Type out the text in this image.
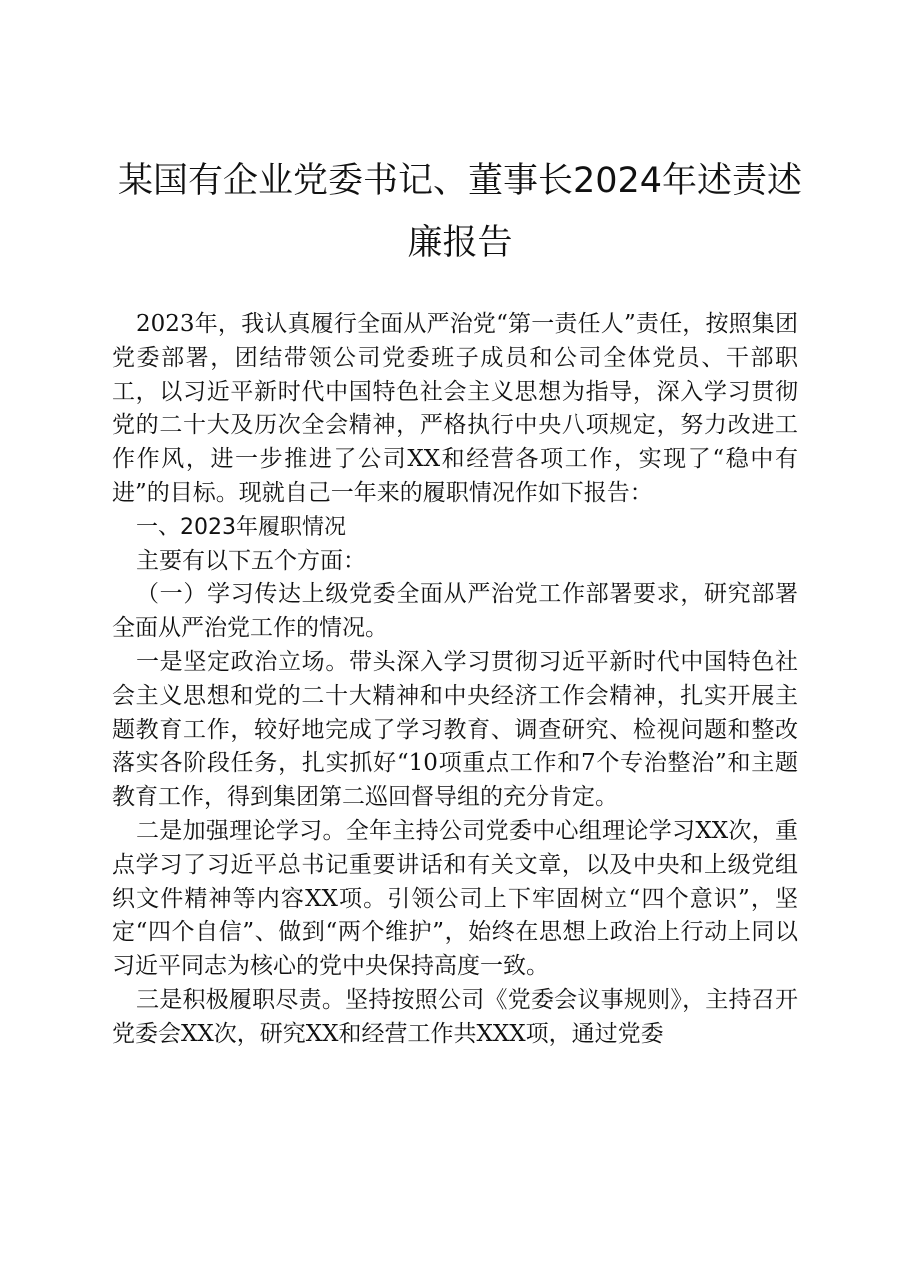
某国有企业党委书记、董事长2024年述责述廉报告

2023年，我认真履行全面从严治党“第一责任人”责任，按照集团党委部署，团结带领公司党委班子成员和公司全体党员、干部职工，以习近平新时代中国特色社会主义思想为指导，深入学习贯彻党的二十大及历次全会精神，严格执行中央八项规定，努力改进工作作风，进一步推进了公司XX和经营各项工作，实现了“稳中有进”的目标。现就自己一年来的履职情况作如下报告：

一、2023年履职情况

主要有以下五个方面：

（一）学习传达上级党委全面从严治党工作部署要求，研究部署全面从严治党工作的情况。

一是坚定政治立场。带头深入学习贯彻习近平新时代中国特色社会主义思想和党的二十大精神和中央经济工作会精神，扎实开展主题教育工作，较好地完成了学习教育、调查研究、检视问题和整改落实各阶段任务，扎实抓好“10项重点工作和7个专治整治”和主题教育工作，得到集团第二巡回督导组的充分肯定。

二是加强理论学习。全年主持公司党委中心组理论学习XX次，重点学习了习近平总书记重要讲话和有关文章，以及中央和上级党组织文件精神等内容XX项。引领公司上下牢固树立“四个意识”，坚定“四个自信”、做到“两个维护”，始终在思想上政治上行动上同以习近平同志为核心的党中央保持高度一致。

三是积极履职尽责。坚持按照公司《党委会议事规则》，主持召开党委会XX次，研究XX和经营工作共XXX项，通过党委
